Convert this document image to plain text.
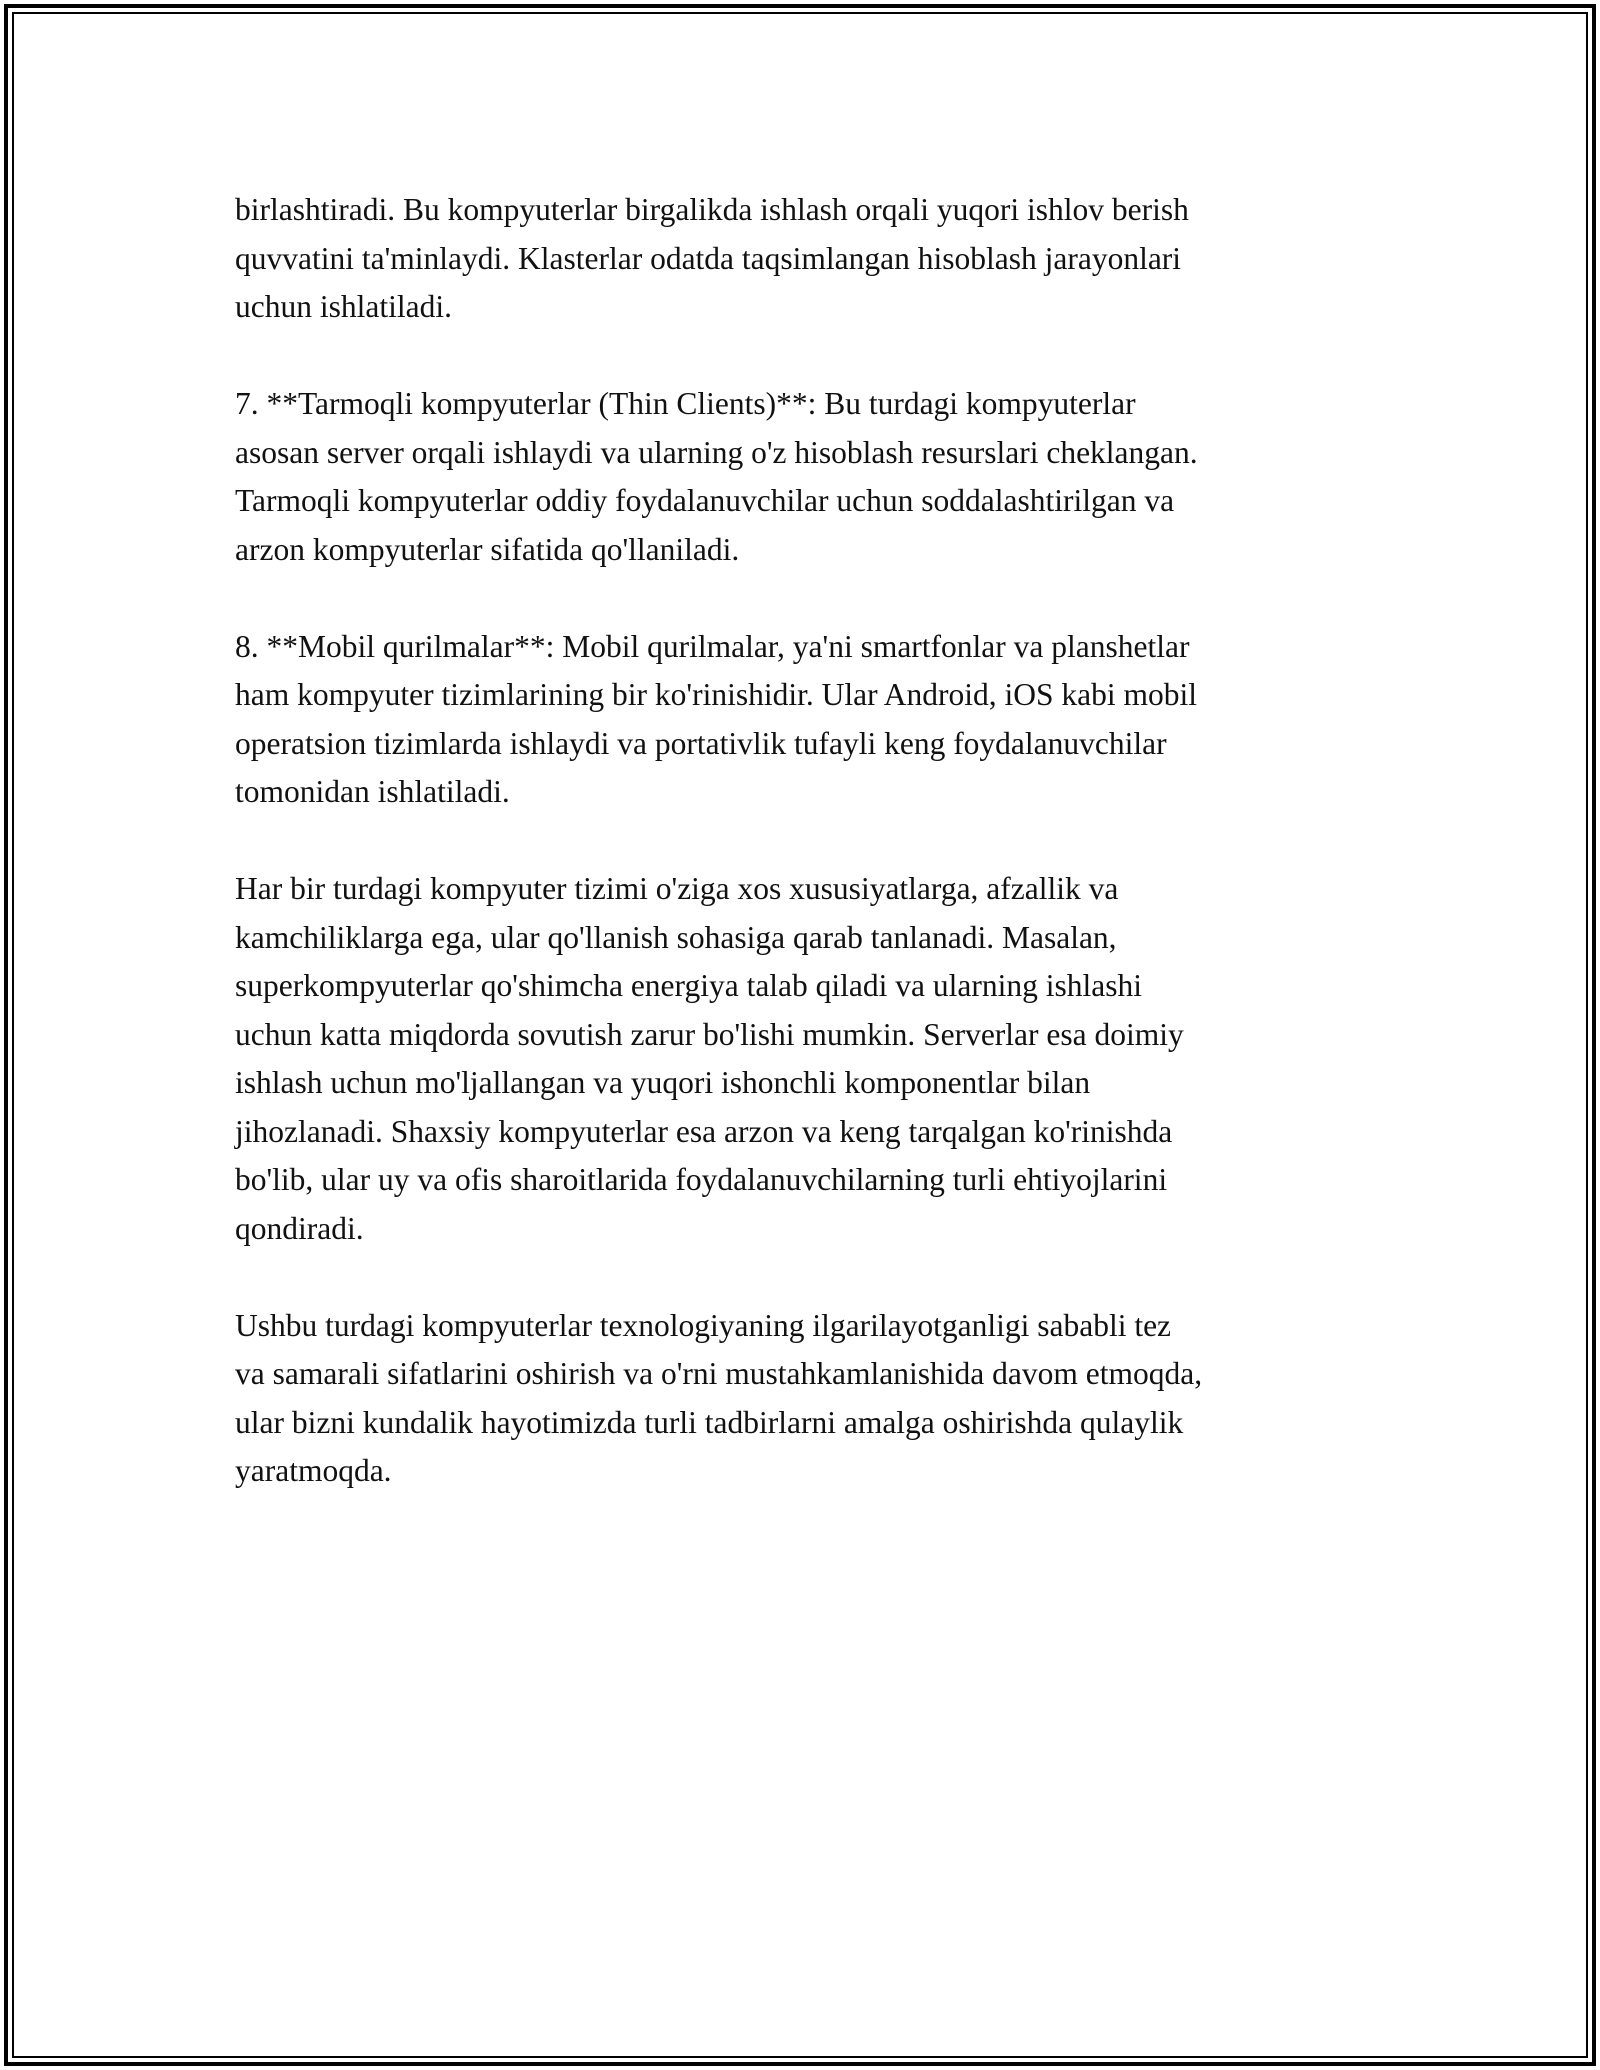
birlashtiradi. Bu kompyuterlar birgalikda ishlash orqali yuqori ishlov berish
quvvatini ta'minlaydi. Klasterlar odatda taqsimlangan hisoblash jarayonlari
uchun ishlatiladi.

7. **Tarmoqli kompyuterlar (Thin Clients)**: Bu turdagi kompyuterlar
asosan server orqali ishlaydi va ularning o'z hisoblash resurslari cheklangan.
Tarmoqli kompyuterlar oddiy foydalanuvchilar uchun soddalashtirilgan va
arzon kompyuterlar sifatida qo'llaniladi.

8. **Mobil qurilmalar**: Mobil qurilmalar, ya'ni smartfonlar va planshetlar
ham kompyuter tizimlarining bir ko'rinishidir. Ular Android, iOS kabi mobil
operatsion tizimlarda ishlaydi va portativlik tufayli keng foydalanuvchilar
tomonidan ishlatiladi.

Har bir turdagi kompyuter tizimi o'ziga xos xususiyatlarga, afzallik va
kamchiliklarga ega, ular qo'llanish sohasiga qarab tanlanadi. Masalan,
superkompyuterlar qo'shimcha energiya talab qiladi va ularning ishlashi
uchun katta miqdorda sovutish zarur bo'lishi mumkin. Serverlar esa doimiy
ishlash uchun mo'ljallangan va yuqori ishonchli komponentlar bilan
jihozlanadi. Shaxsiy kompyuterlar esa arzon va keng tarqalgan ko'rinishda
bo'lib, ular uy va ofis sharoitlarida foydalanuvchilarning turli ehtiyojlarini
qondiradi.

Ushbu turdagi kompyuterlar texnologiyaning ilgarilayotganligi sababli tez
va samarali sifatlarini oshirish va o'rni mustahkamlanishida davom etmoqda,
ular bizni kundalik hayotimizda turli tadbirlarni amalga oshirishda qulaylik
yaratmoqda.
